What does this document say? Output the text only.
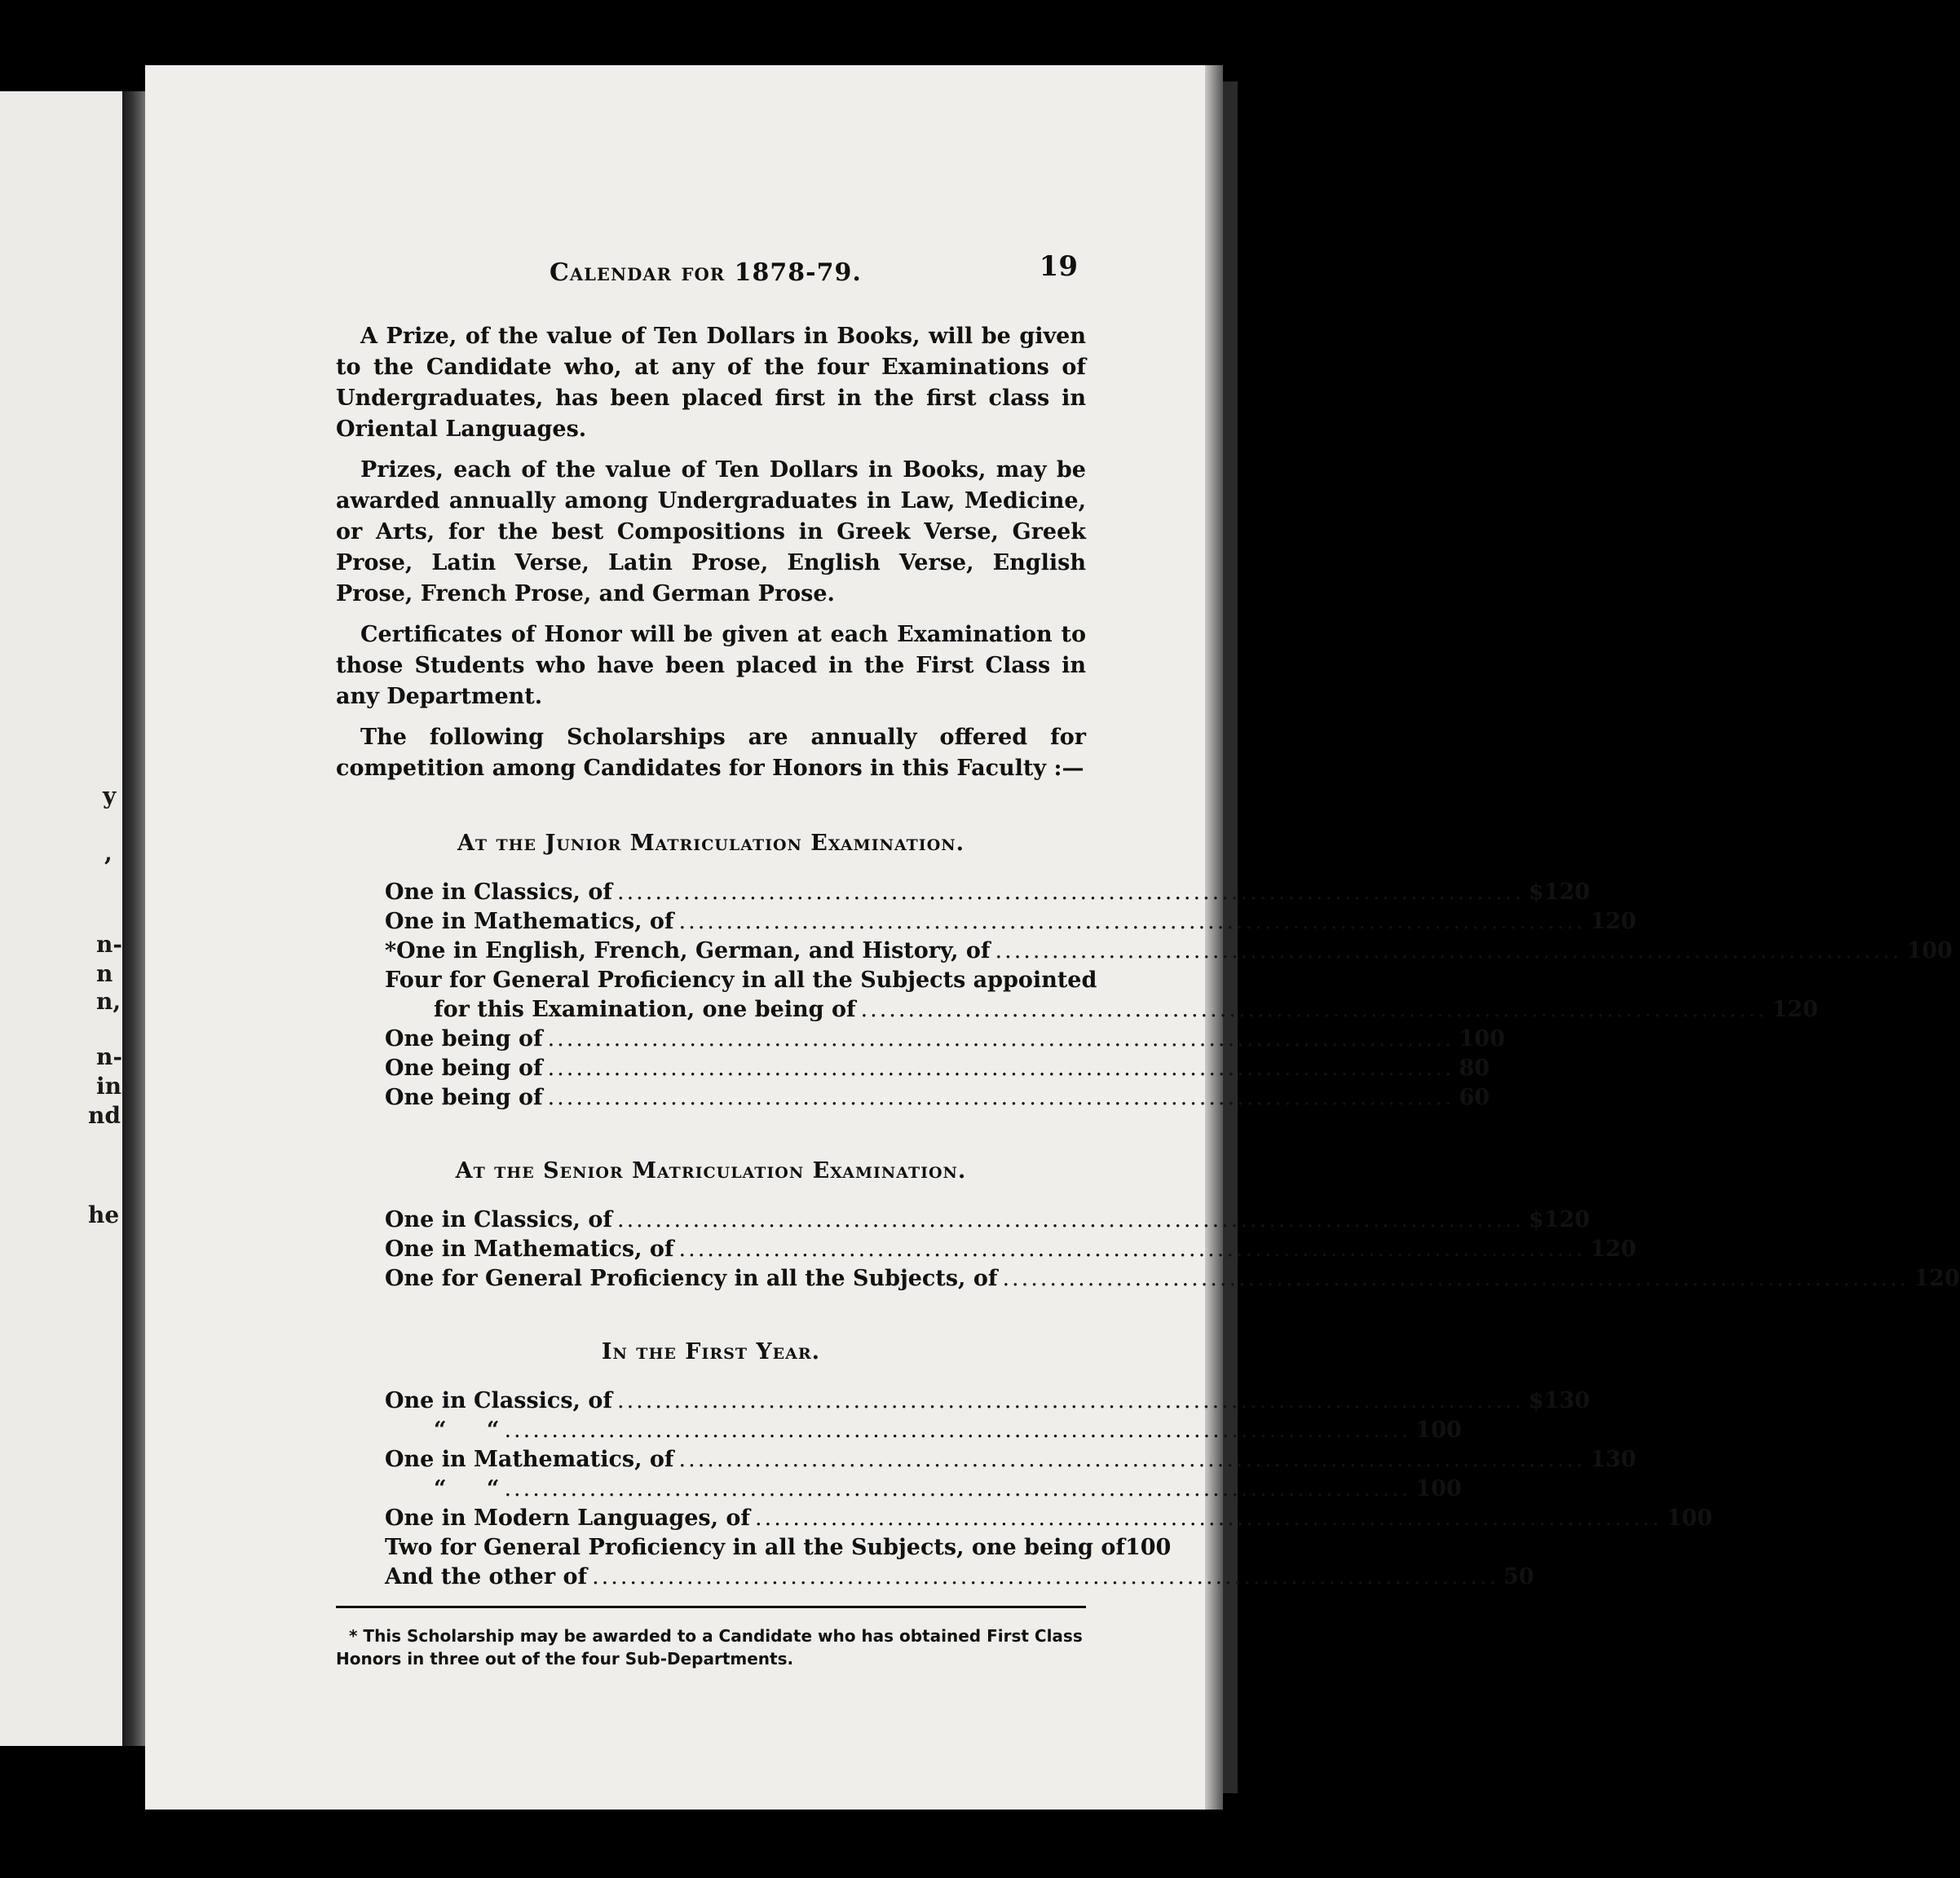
y
,
n-
n
n,
n-
in
nd
he
Calendar for 1878-79.	19

A Prize, of the value of Ten Dollars in Books, will be given to the Candidate who, at any of the four Examinations of Undergraduates, has been placed first in the first class in Oriental Languages.

Prizes, each of the value of Ten Dollars in Books, may be awarded annually among Undergraduates in Law, Medicine, or Arts, for the best Compositions in Greek Verse, Greek Prose, Latin Verse, Latin Prose, English Verse, English Prose, French Prose, and German Prose.

Certificates of Honor will be given at each Examination to those Students who have been placed in the First Class in any Department.

The following Scholarships are annually offered for competition among Candidates for Honors in this Faculty :—

At the Junior Matriculation Examination.
One in Classics, of ................................................................................................ $120
One in Mathematics, of ................................................................................................ 120
*One in English, French, German, and History, of ................................................................................................ 100
Four for General Proficiency in all the Subjects appointed
for this Examination, one being of ................................................................................................ 120
One being of ................................................................................................ 100
One being of ................................................................................................ 80
One being of ................................................................................................ 60
At the Senior Matriculation Examination.
One in Classics, of ................................................................................................ $120
One in Mathematics, of ................................................................................................ 120
One for General Proficiency in all the Subjects, of ................................................................................................ 120
In the First Year.
One in Classics, of ................................................................................................ $130
“ “ ................................................................................................ 100
One in Mathematics, of ................................................................................................ 130
“ “ ................................................................................................ 100
One in Modern Languages, of ................................................................................................ 100
Two for General Proficiency in all the Subjects, one being of 100
And the other of ................................................................................................ 50

* This Scholarship may be awarded to a Candidate who has obtained First Class Honors in three out of the four Sub-Departments.
